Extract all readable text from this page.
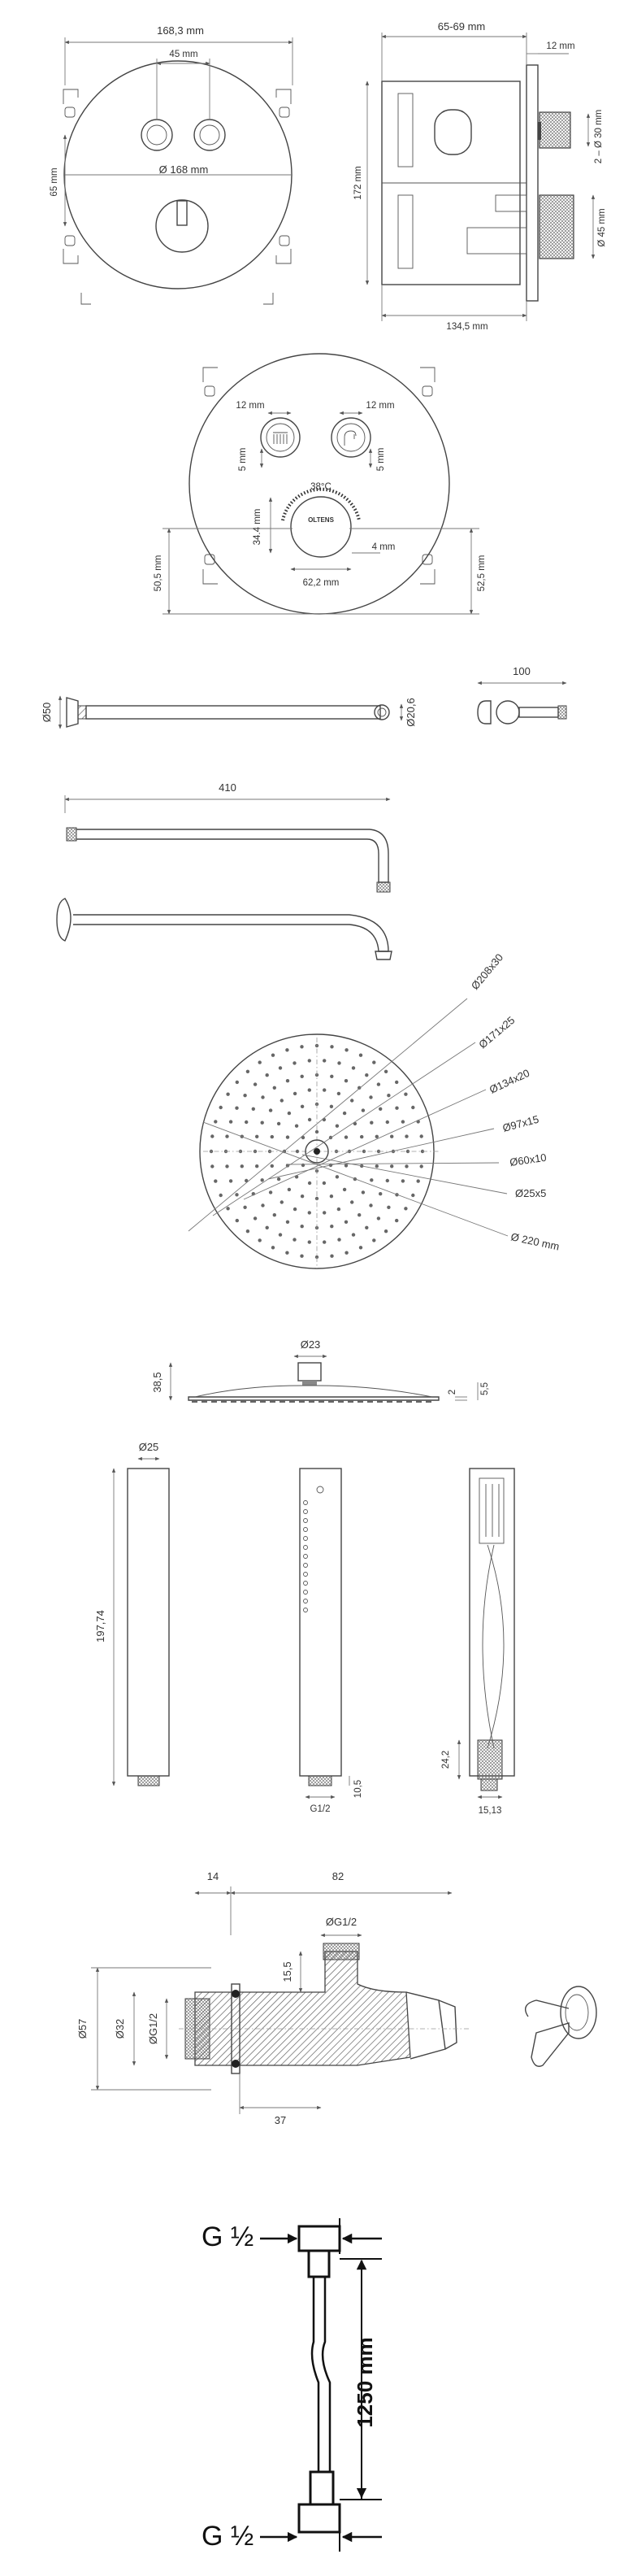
168,3 mm
45 mm
Ø 168 mm
65 mm
65-69 mm
12 mm
172 mm
134,5 mm
2 – Ø 30 mm
Ø 45 mm
38°C
OLTENS
12 mm	12 mm
5 mm	5 mm
34.4 mm
4 mm
62,2 mm
50,5 mm	52,5 mm
Ø50	Ø20,6
100
410
Ø208x30
Ø171x25
Ø134x20
Ø97x15
Ø60x10
Ø25x5
Ø 220 mm
Ø23
38,5	2 5,5
Ø25
197,74
G1/2
10,5
24,2
15,13
14	82
ØG1/2
Ø57 Ø32 ØG1/2
15,5
37
G ½
1250 mm
G ½
